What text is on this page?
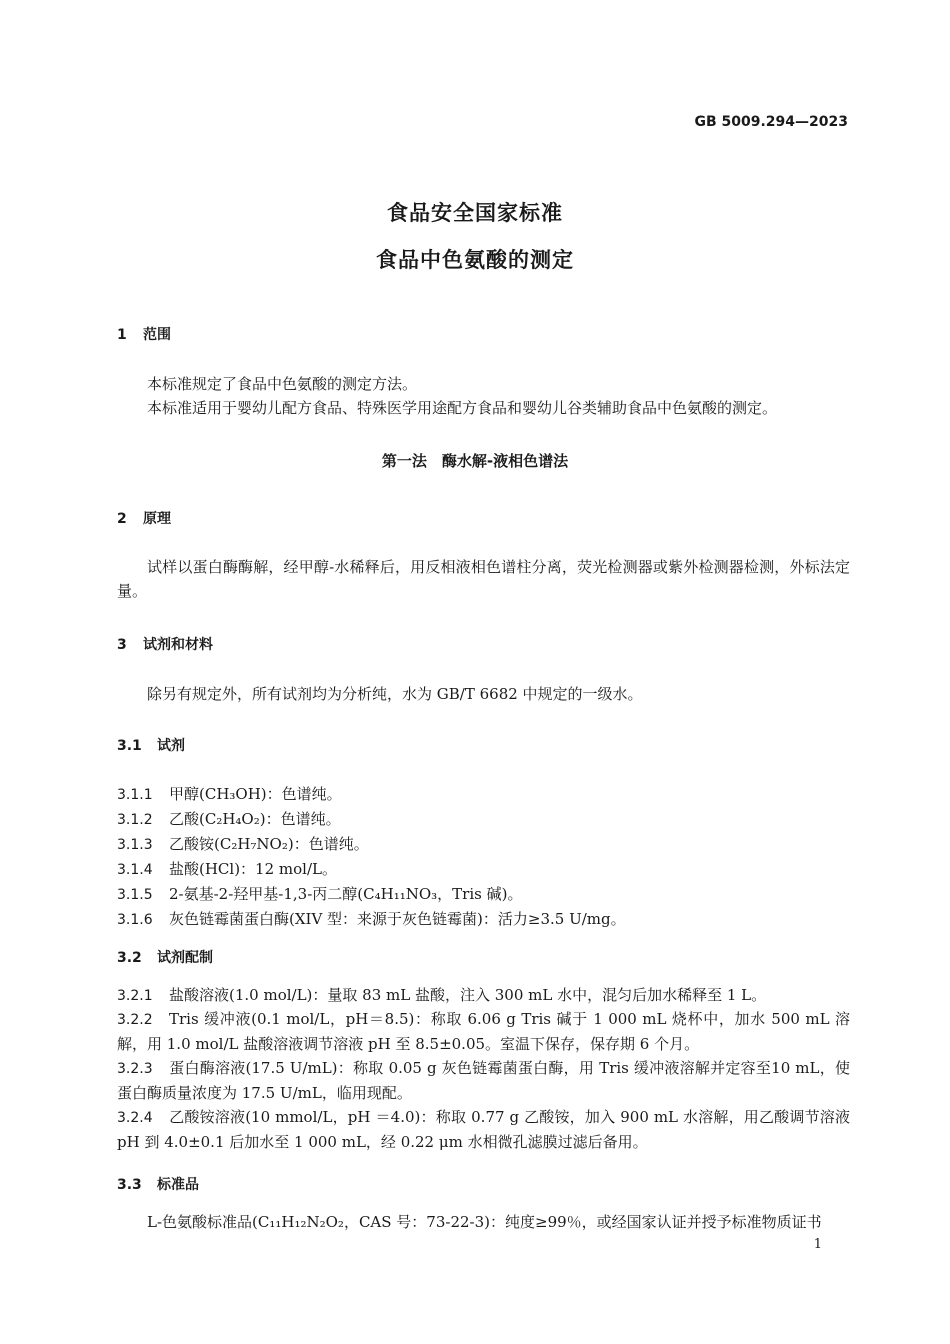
GB 5009.294—2023
食品安全国家标准
食品中色氨酸的测定
1 范围
本标准规定了食品中色氨酸的测定方法。
本标准适用于婴幼儿配方食品、特殊医学用途配方食品和婴幼儿谷类辅助食品中色氨酸的测定。
第一法　酶水解-液相色谱法
2 原理
试样以蛋白酶酶解，经甲醇-水稀释后，用反相液相色谱柱分离，荧光检测器或紫外检测器检测，外标法定量。
3 试剂和材料
除另有规定外，所有试剂均为分析纯，水为 GB/T 6682 中规定的一级水。
3.1 试剂
3.1.1 甲醇(CH₃OH)：色谱纯。
3.1.2 乙酸(C₂H₄O₂)：色谱纯。
3.1.3 乙酸铵(C₂H₇NO₂)：色谱纯。
3.1.4 盐酸(HCl)：12 mol/L。
3.1.5 2-氨基-2-羟甲基-1,3-丙二醇(C₄H₁₁NO₃，Tris 碱)。
3.1.6 灰色链霉菌蛋白酶(XIV 型：来源于灰色链霉菌)：活力≥3.5 U/mg。
3.2 试剂配制
3.2.1 盐酸溶液(1.0 mol/L)：量取 83 mL 盐酸，注入 300 mL 水中，混匀后加水稀释至 1 L。
3.2.2 Tris 缓冲液(0.1 mol/L，pH＝8.5)：称取 6.06 g Tris 碱于 1 000 mL 烧杯中，加水 500 mL 溶解，用 1.0 mol/L 盐酸溶液调节溶液 pH 至 8.5±0.05。室温下保存，保存期 6 个月。
3.2.3 蛋白酶溶液(17.5 U/mL)：称取 0.05 g 灰色链霉菌蛋白酶，用 Tris 缓冲液溶解并定容至10 mL，使蛋白酶质量浓度为 17.5 U/mL，临用现配。
3.2.4 乙酸铵溶液(10 mmol/L，pH ＝4.0)：称取 0.77 g 乙酸铵，加入 900 mL 水溶解，用乙酸调节溶液 pH 到 4.0±0.1 后加水至 1 000 mL，经 0.22 μm 水相微孔滤膜过滤后备用。
3.3 标准品
L-色氨酸标准品(C₁₁H₁₂N₂O₂，CAS 号：73-22-3)：纯度≥99％，或经国家认证并授予标准物质证书
1
